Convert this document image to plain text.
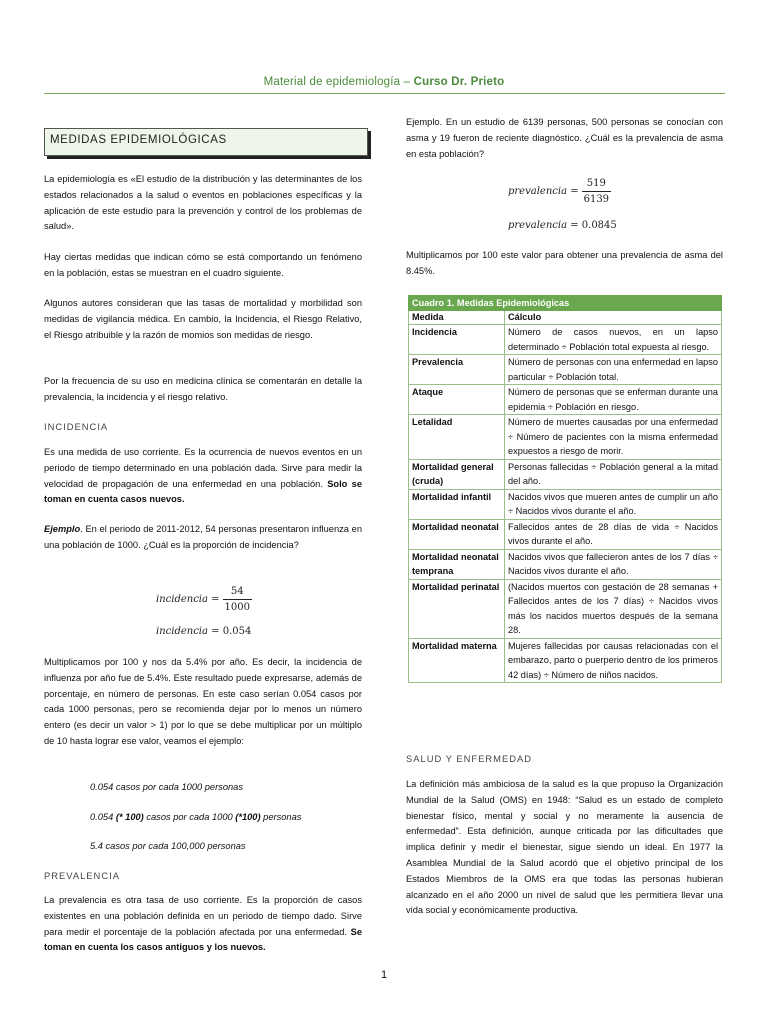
Material de epidemiología – Curso Dr. Prieto
MEDIDAS EPIDEMIOLÓGICAS

La epidemiología es «El estudio de la distribución y las determinantes de los estados relacionados a la salud o eventos en poblaciones específicas y la aplicación de este estudio para la prevención y control de los problemas de salud».

Hay ciertas medidas que indican cómo se está comportando un fenómeno en la población, estas se muestran en el cuadro siguiente.

Algunos autores consideran que las tasas de mortalidad y morbilidad son medidas de vigilancia médica. En cambio, la Incidencia, el Riesgo Relativo, el Riesgo atribuible y la razón de momios son medidas de riesgo.

Por la frecuencia de su uso en medicina clínica se comentarán en detalle la prevalencia, la incidencia y el riesgo relativo.

INCIDENCIA

Es una medida de uso corriente. Es la ocurrencia de nuevos eventos en un periodo de tiempo determinado en una población dada. Sirve para medir la velocidad de propagación de una enfermedad en una población. Solo se toman en cuenta casos nuevos.

Ejemplo. En el periodo de 2011-2012, 54 personas presentaron influenza en una población de 1000. ¿Cuál es la proporción de incidencia?

incidencia = $\frac{54}{1000}$
incidencia = 0.054

Multiplicamos por 100 y nos da 5.4% por año. Es decir, la incidencia de influenza por año fue de 5.4%. Este resultado puede expresarse, además de porcentaje, en número de personas. En este caso serían 0.054 casos por cada 1000 personas, pero se recomienda dejar por lo menos un número entero (es decir un valor > 1) por lo que se debe multiplicar por un múltiplo de 10 hasta lograr ese valor, veamos el ejemplo:

0.054 casos por cada 1000 personas
0.054 (* 100) casos por cada 1000 (*100) personas
5.4 casos por cada 100,000 personas
PREVALENCIA

La prevalencia es otra tasa de uso corriente. Es la proporción de casos existentes en una población definida en un periodo de tiempo dado. Sirve para medir el porcentaje de la población afectada por una enfermedad. Se toman en cuenta los casos antiguos y los nuevos.

Ejemplo. En un estudio de 6139 personas, 500 personas se conocían con asma y 19 fueron de reciente diagnóstico. ¿Cuál es la prevalencia de asma en esta población?

prevalencia = $\frac{519}{6139}$
prevalencia = 0.0845

Multiplicamos por 100 este valor para obtener una prevalencia de asma del 8.45%.

Cuadro 1. Medidas Epidemiológicas	
Medida	Cálculo
Incidencia	Número de casos nuevos, en un lapso determinado ÷ Población total expuesta al riesgo.
Prevalencia	Número de personas con una enfermedad en lapso particular ÷ Población total.
Ataque	Número de personas que se enferman durante una epidemia ÷ Población en riesgo.
Letalidad	Número de muertes causadas por una enfermedad ÷ Número de pacientes con la misma enfermedad expuestos a riesgo de morir.
Mortalidad general (cruda)	Personas fallecidas ÷ Población general a la mitad del año.
Mortalidad infantil	Nacidos vivos que mueren antes de cumplir un año ÷ Nacidos vivos durante el año.
Mortalidad neonatal	Fallecidos antes de 28 días de vida ÷ Nacidos vivos durante el año.
Mortalidad neonatal temprana	Nacidos vivos que fallecieron antes de los 7 días ÷ Nacidos vivos durante el año.
Mortalidad perinatal	(Nacidos muertos con gestación de 28 semanas + Fallecidos antes de los 7 días) ÷ Nacidos vivos más los nacidos muertos después de la semana 28.
Mortalidad materna	Mujeres fallecidas por causas relacionadas con el embarazo, parto o puerperio dentro de los primeros 42 días) ÷ Número de niños nacidos.
SALUD Y ENFERMEDAD

La definición más ambiciosa de la salud es la que propuso la Organización Mundial de la Salud (OMS) en 1948: “Salud es un estado de completo bienestar físico, mental y social y no meramente la ausencia de enfermedad”. Esta definición, aunque criticada por las dificultades que implica definir y medir el bienestar, sigue siendo un ideal. En 1977 la Asamblea Mundial de la Salud acordó que el objetivo principal de los Estados Miembros de la OMS era que todas las personas hubieran alcanzado en el año 2000 un nivel de salud que les permitiera llevar una vida social y económicamente productiva.

1
